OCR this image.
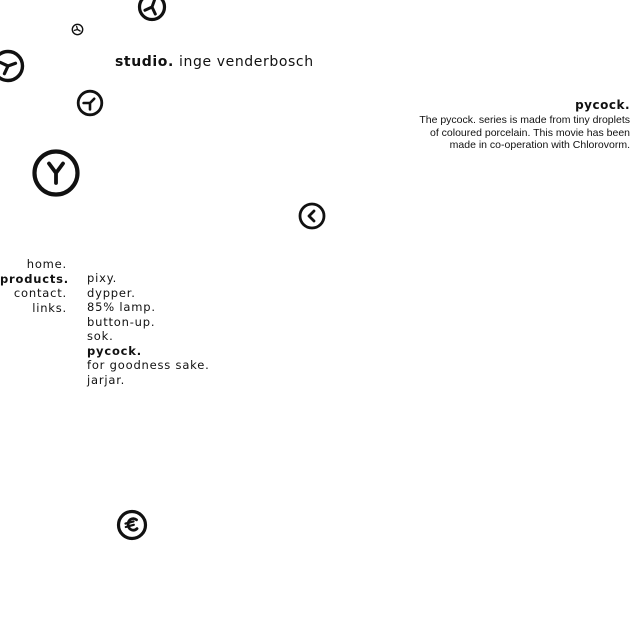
studio. inge venderbosch
pycock.
The pycock. series is made from tiny droplets
of coloured porcelain. This movie has been
made in co-operation with Chlorovorm.
home.
products.
contact.
links.
pixy.
dypper.
85% lamp.
button-up.
sok.
pycock.
for goodness sake.
jarjar.
